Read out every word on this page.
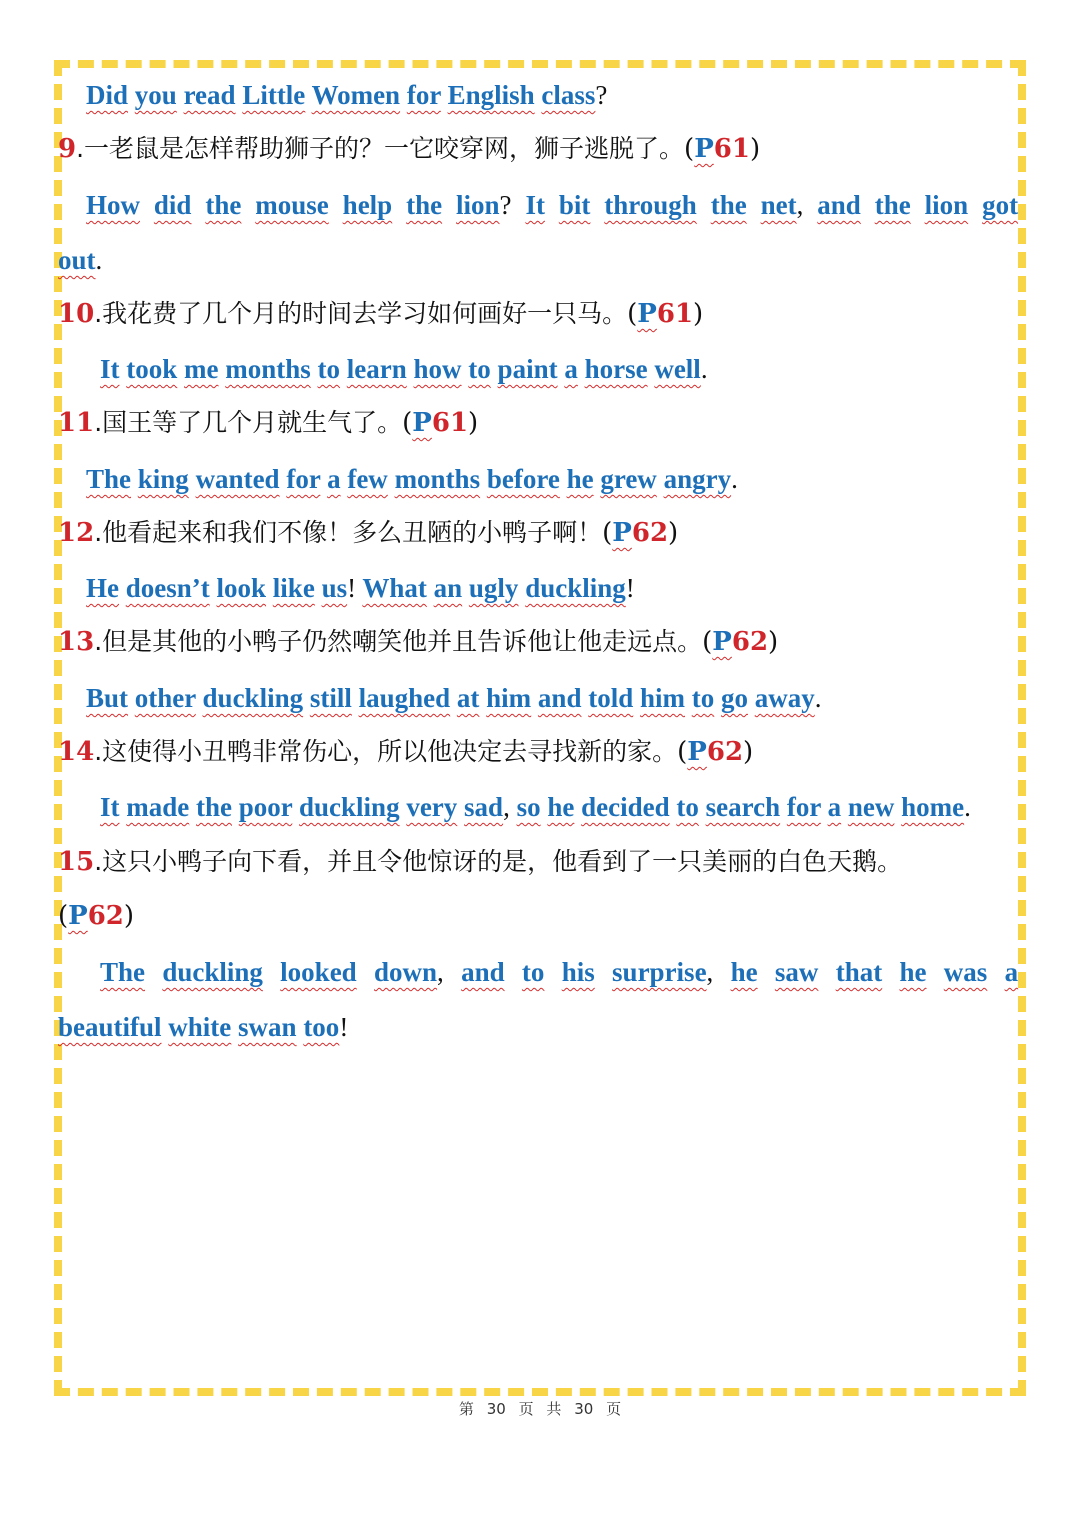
Did you read Little Women for English class?
9.一老鼠是怎样帮助狮子的？一它咬穿网，狮子逃脱了。(P61)
How did the mouse help the lion? It bit through the net, and the lion got
out.
10.我花费了几个月的时间去学习如何画好一只马。(P61)
It took me months to learn how to paint a horse well.
11.国王等了几个月就生气了。(P61)
The king wanted for a few months before he grew angry.
12.他看起来和我们不像！多么丑陋的小鸭子啊！(P62)
He doesn’t look like us! What an ugly duckling!
13.但是其他的小鸭子仍然嘲笑他并且告诉他让他走远点。(P62)
But other duckling still laughed at him and told him to go away.
14.这使得小丑鸭非常伤心，所以他决定去寻找新的家。(P62)
It made the poor duckling very sad, so he decided to search for a new home.
15.这只小鸭子向下看，并且令他惊讶的是，他看到了一只美丽的白色天鹅。
(P62)
The duckling looked down, and to his surprise, he saw that he was a
beautiful white swan too!
第 30 页 共 30 页
